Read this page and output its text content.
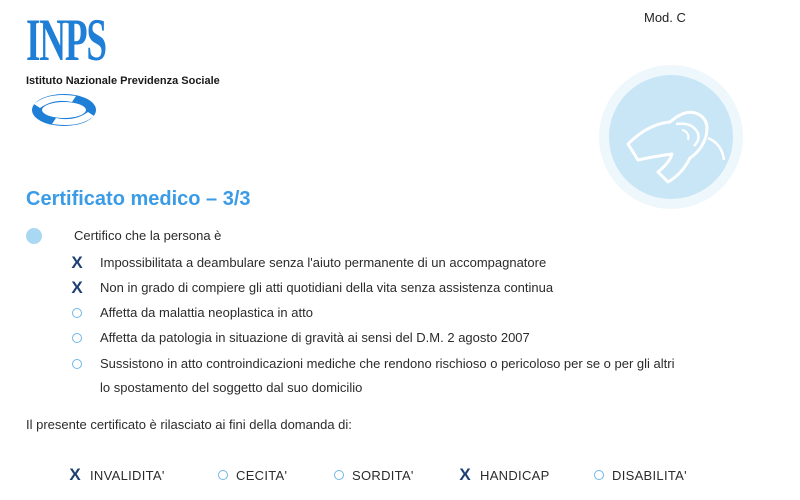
INPS
Istituto Nazionale Previdenza Sociale
Mod. C
Certificato medico – 3/3
Certifico che la persona è
X Impossibilitata a deambulare senza l'aiuto permanente di un accompagnatore
X Non in grado di compiere gli atti quotidiani della vita senza assistenza continua
Affetta da malattia neoplastica in atto
Affetta da patologia in situazione di gravità ai sensi del D.M. 2 agosto 2007
Sussistono in atto controindicazioni mediche che rendono rischioso o pericoloso per se o per gli altri
lo spostamento del soggetto dal suo domicilio
Il presente certificato è rilasciato ai fini della domanda di:
X INVALIDITA'	CECITA'	SORDITA'	X HANDICAP	DISABILITA'
